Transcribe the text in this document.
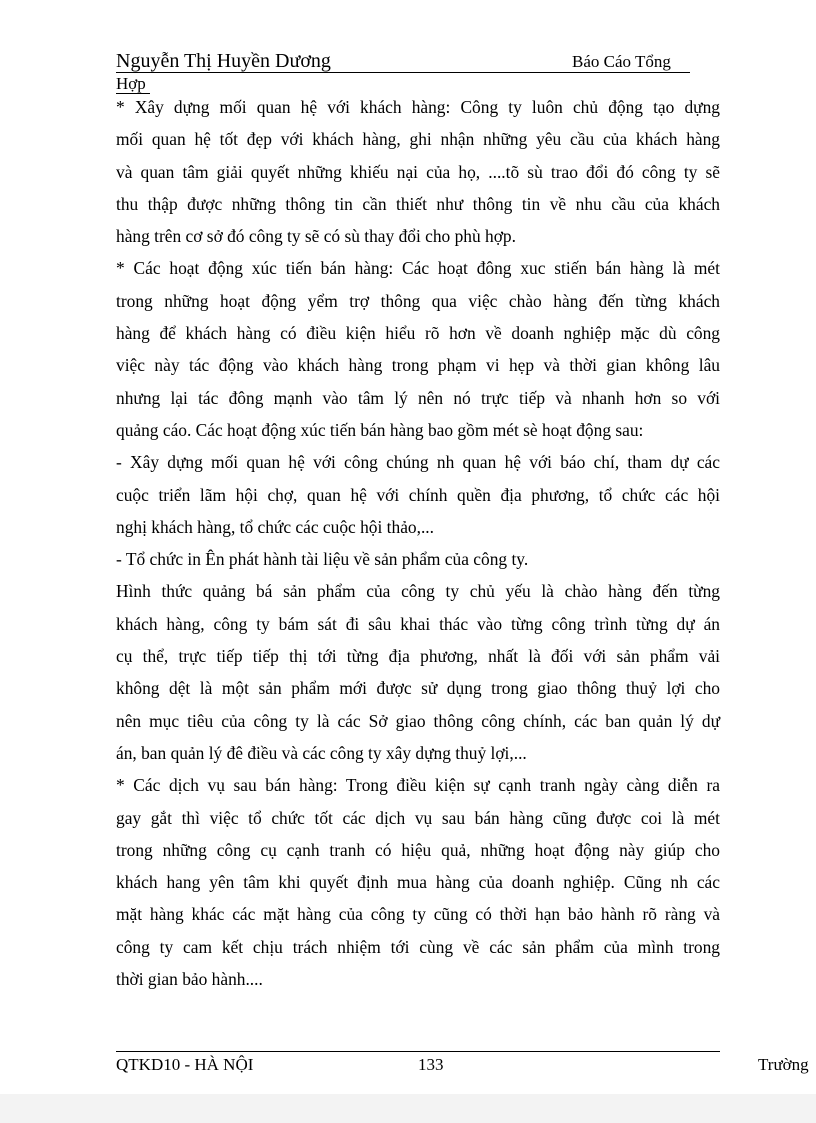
Nguyễn Thị Huyền Dương	Báo Cáo Tổng
Hợp
* Xây dựng mối quan hệ với khách hàng: Công ty luôn chủ động tạo dựng
mối quan hệ tốt đẹp với khách hàng, ghi nhận những yêu cầu của khách hàng
và quan tâm giải quyết những khiếu nại của họ, ....tõ sù trao đổi đó công ty sẽ
thu thập được những thông tin cần thiết như thông tin về nhu cầu của khách
hàng trên cơ sở đó công ty sẽ có sù thay đổi cho phù hợp.
* Các hoạt động xúc tiến bán hàng: Các hoạt đông xuc stiến bán hàng là mét
trong những hoạt động yểm trợ thông qua việc chào hàng đến từng khách
hàng để khách hàng có điều kiện hiểu rõ hơn về doanh nghiệp mặc dù công
việc này tác động vào khách hàng trong phạm vi hẹp và thời gian không lâu
nhưng lại tác đông mạnh vào tâm lý nên nó trực tiếp và nhanh hơn so với
quảng cáo. Các hoạt động xúc tiến bán hàng bao gồm mét sè hoạt động sau:
- Xây dựng mối quan hệ với công chúng nh quan hệ với báo chí, tham dự các
cuộc triển lãm hội chợ, quan hệ với chính quền địa phương, tổ chức các hội
nghị khách hàng, tổ chức các cuộc hội thảo,...
- Tổ chức in Ên phát hành tài liệu về sản phẩm của công ty.
Hình thức quảng bá sản phẩm của công ty chủ yếu là chào hàng đến từng
khách hàng, công ty bám sát đi sâu khai thác vào từng công trình từng dự án
cụ thể, trực tiếp tiếp thị tới từng địa phương, nhất là đối với sản phẩm vải
không dệt là một sản phẩm mới được sử dụng trong giao thông thuỷ lợi cho
nên mục tiêu của công ty là các Sở giao thông công chính, các ban quản lý dự
án, ban quản lý đê điều và các công ty xây dựng thuỷ lợi,...
* Các dịch vụ sau bán hàng: Trong điều kiện sự cạnh tranh ngày càng diễn ra
gay gắt thì việc tổ chức tốt các dịch vụ sau bán hàng cũng được coi là mét
trong những công cụ cạnh tranh có hiệu quả, những hoạt động này giúp cho
khách hang yên tâm khi quyết định mua hàng của doanh nghiệp. Cũng nh các
mặt hàng khác các mặt hàng của công ty cũng có thời hạn bảo hành rõ ràng và
công ty cam kết chịu trách nhiệm tới cùng về các sản phẩm của mình trong
thời gian bảo hành....
QTKD10 - HÀ NỘI	133	Trường
